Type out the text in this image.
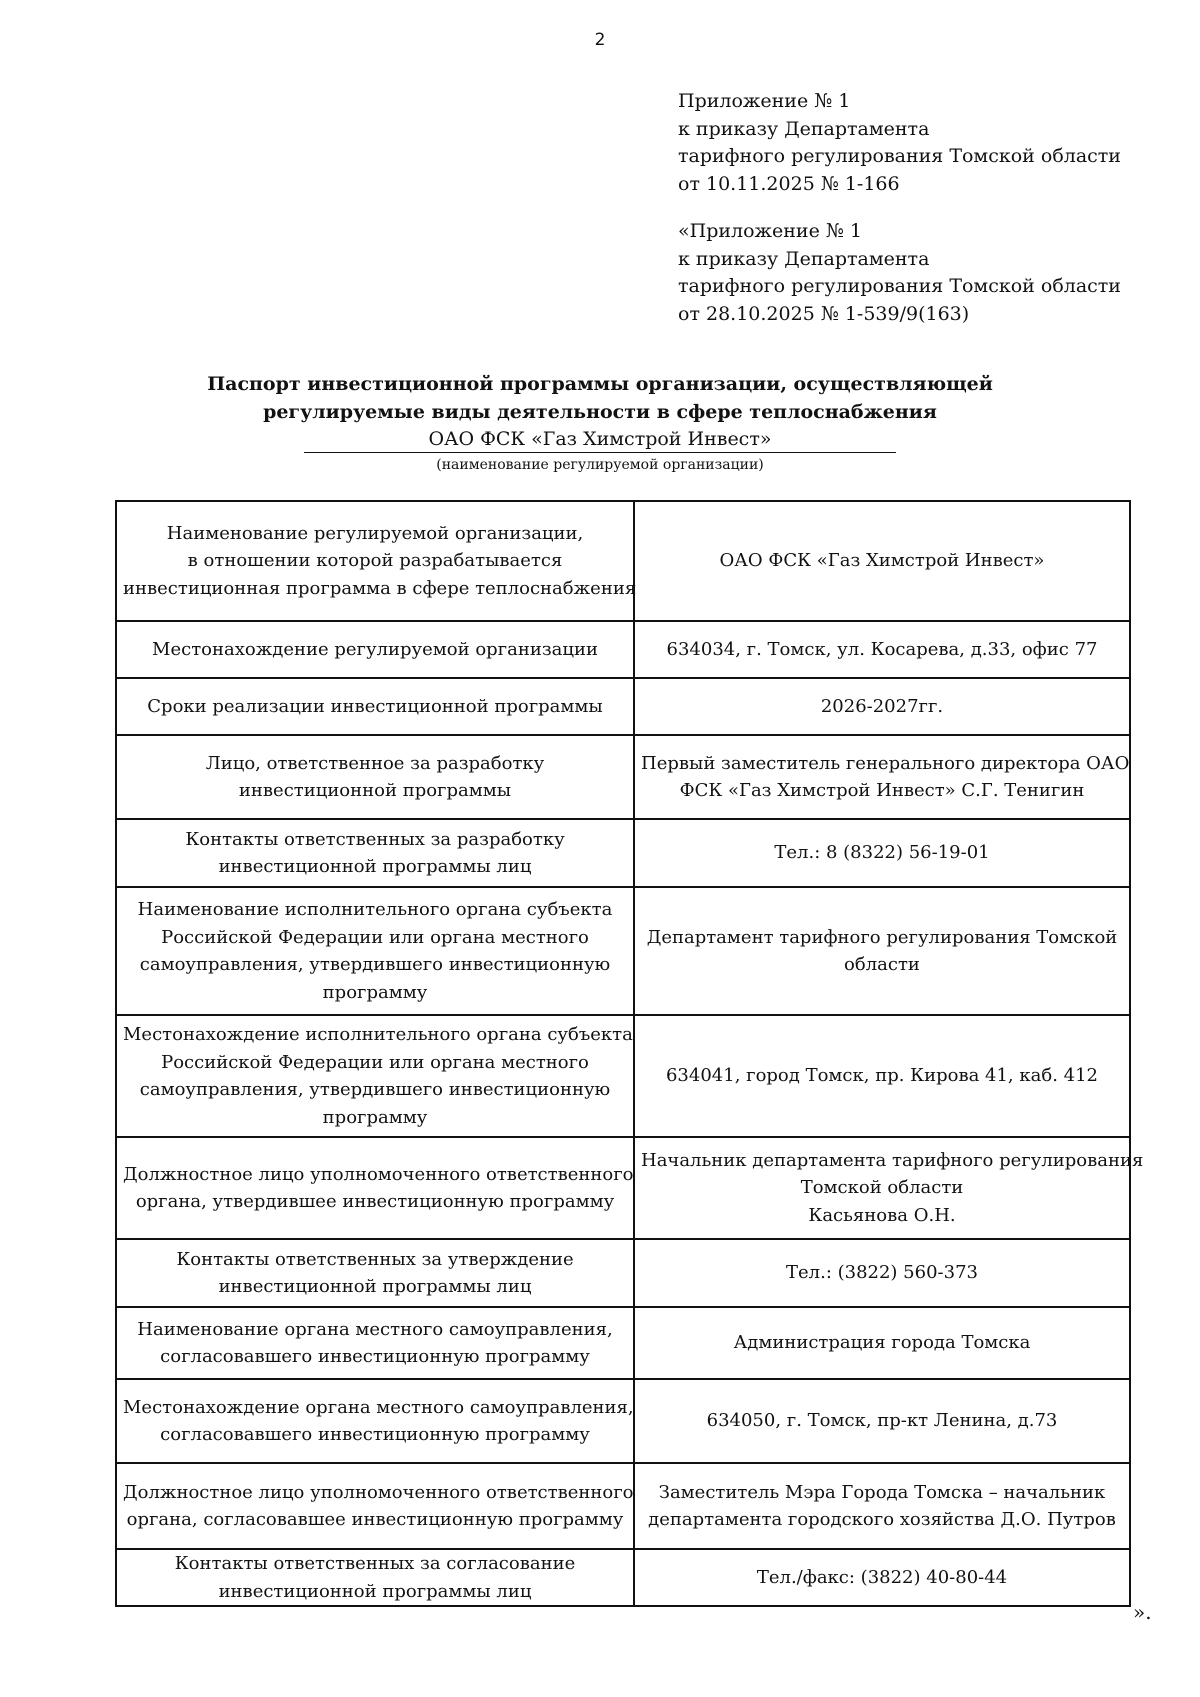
2
Приложение № 1
к приказу Департамента
тарифного регулирования Томской области
от 10.11.2025 № 1-166
«Приложение № 1
к приказу Департамента
тарифного регулирования Томской области
от 28.10.2025 № 1-539/9(163)
Паспорт инвестиционной программы организации, осуществляющей
регулируемые виды деятельности в сфере теплоснабжения
ОАО ФСК «Газ Химстрой Инвест»
(наименование регулируемой организации)
Наименование регулируемой организации,
в отношении которой разрабатывается
инвестиционная программа в сфере теплоснабжения	ОАО ФСК «Газ Химстрой Инвест»

Местонахождение регулируемой организации	634034, г. Томск, ул. Косарева, д.33, офис 77

Сроки реализации инвестиционной программы	2026-2027гг.

Лицо, ответственное за разработку
инвестиционной программы	Первый заместитель генерального директора ОАО
ФСК «Газ Химстрой Инвест» С.Г. Тенигин

Контакты ответственных за разработку
инвестиционной программы лиц	Тел.: 8 (8322) 56-19-01

Наименование исполнительного органа субъекта
Российской Федерации или органа местного
самоуправления, утвердившего инвестиционную
программу	Департамент тарифного регулирования Томской
области

Местонахождение исполнительного органа субъекта
Российской Федерации или органа местного
самоуправления, утвердившего инвестиционную
программу	634041, город Томск, пр. Кирова 41, каб. 412

Должностное лицо уполномоченного ответственного
органа, утвердившее инвестиционную программу	Начальник департамента тарифного регулирования
Томской области
Касьянова О.Н.

Контакты ответственных за утверждение
инвестиционной программы лиц	Тел.: (3822) 560-373

Наименование органа местного самоуправления,
согласовавшего инвестиционную программу	Администрация города Томска

Местонахождение органа местного самоуправления,
согласовавшего инвестиционную программу	634050, г. Томск, пр-кт Ленина, д.73

Должностное лицо уполномоченного ответственного
органа, согласовавшее инвестиционную программу	Заместитель Мэра Города Томска – начальник
департамента городского хозяйства Д.О. Путров

Контакты ответственных за согласование
инвестиционной программы лиц	Тел./факс: (3822) 40-80-44
».
